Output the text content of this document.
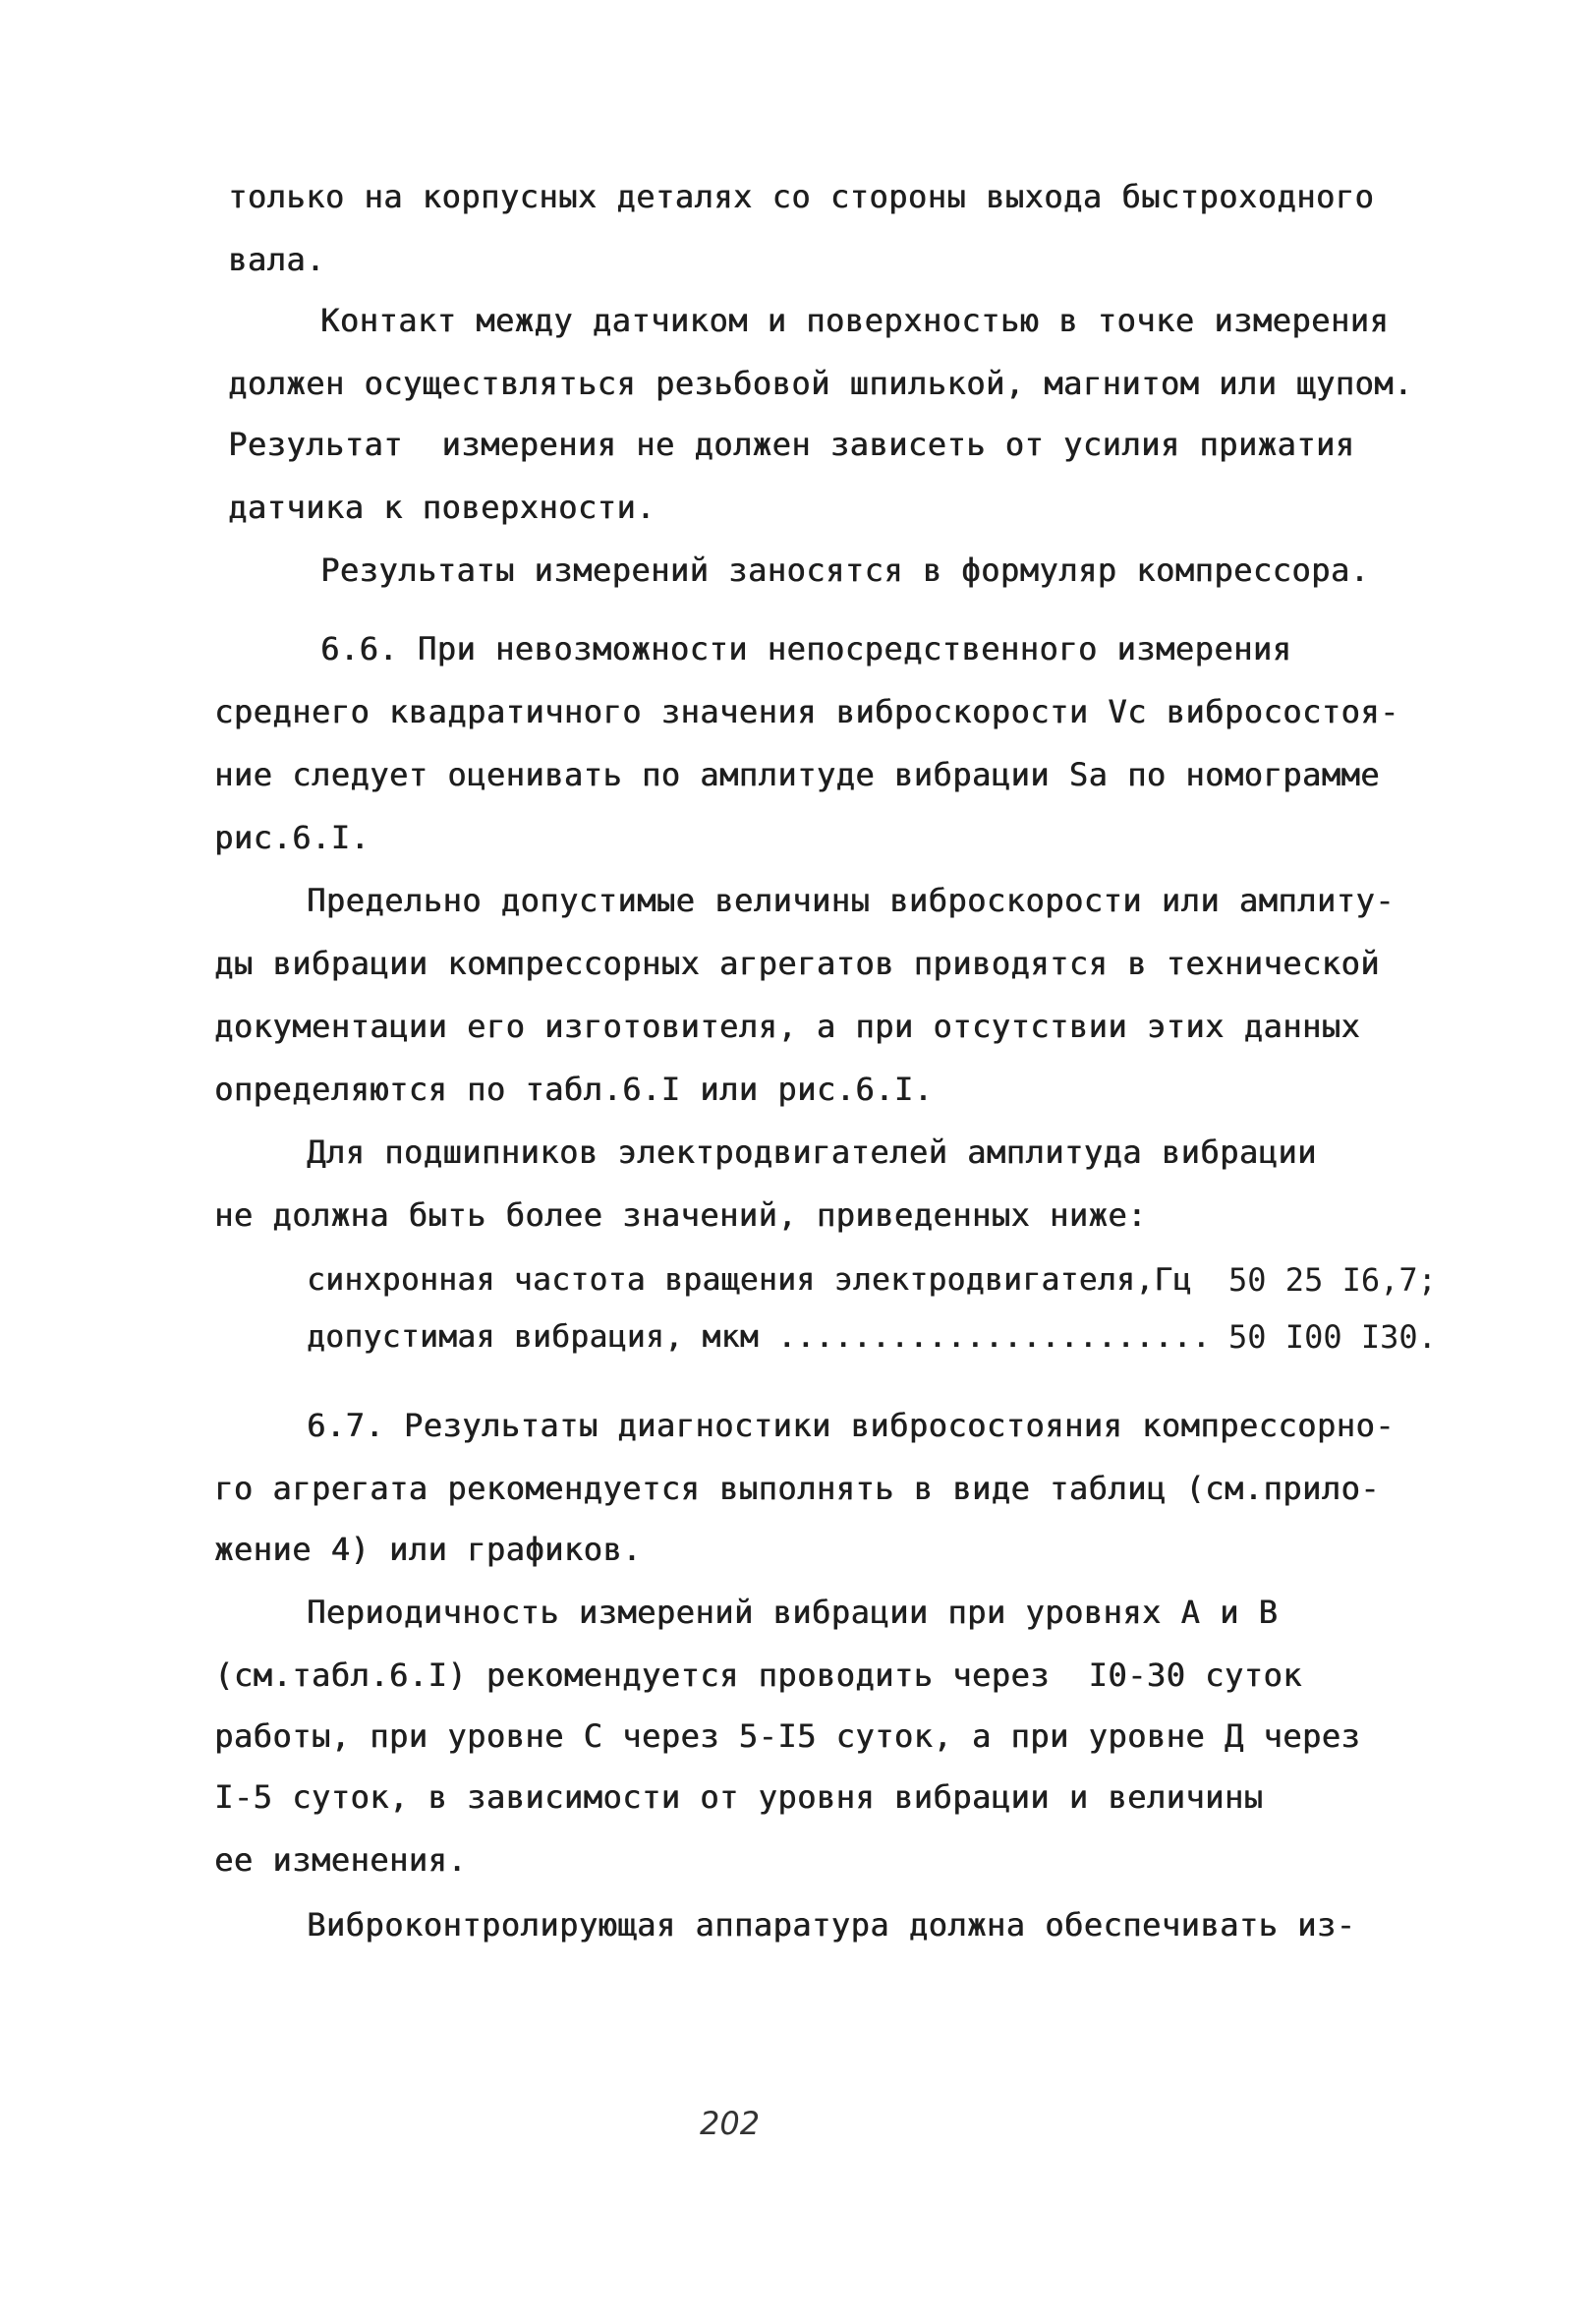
только на корпусных деталях со стороны выхода быстроходного
вала.
Контакт между датчиком и поверхностью в точке измерения
должен осуществляться резьбовой шпилькой, магнитом или щупом.
Результат  измерения не должен зависеть от усилия прижатия
датчика к поверхности.
Результаты измерений заносятся в формуляр компрессора.
6.6. При невозможности непосредственного измерения
среднего квадратичного значения виброскорости Vc вибросостоя-
ние следует оценивать по амплитуде вибрации Sa по номограмме
рис.6.I.
Предельно допустимые величины виброскорости или амплиту-
ды вибрации компрессорных агрегатов приводятся в технической
документации его изготовителя, а при отсутствии этих данных
определяются по табл.6.I или рис.6.I.
Для подшипников электродвигателей амплитуда вибрации
не должна быть более значений, приведенных ниже:
синхронная частота вращения электродвигателя,Гц 50 25 I6,7;
допустимая вибрация, мкм ....................... 50 I00 I30.
6.7. Результаты диагностики вибросостояния компрессорно-
го агрегата рекомендуется выполнять в виде таблиц (см.прило-
жение 4) или графиков.
Периодичность измерений вибрации при уровнях А и В
(см.табл.6.I) рекомендуется проводить через  I0-30 суток
работы, при уровне С через 5-I5 суток, а при уровне Д через
I-5 суток, в зависимости от уровня вибрации и величины
ее изменения.
Виброконтролирующая аппаратура должна обеспечивать из-
202
